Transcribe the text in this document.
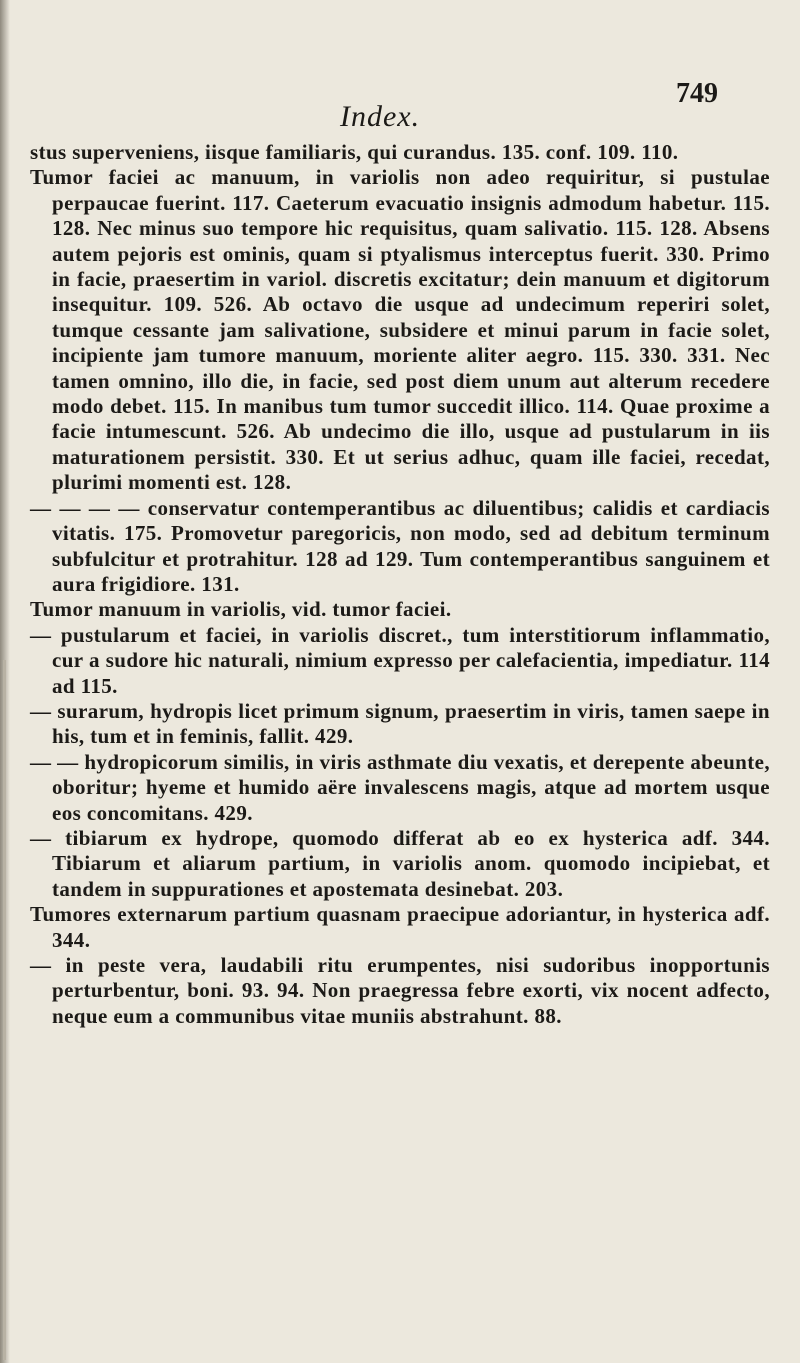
Index.
749

stus superveniens, iisque familiaris, qui curandus. 135. conf. 109. 110.

Tumor faciei ac manuum, in variolis non adeo requiritur, si pustulae perpaucae fuerint. 117. Caeterum evacuatio insignis admodum habetur. 115. 128. Nec minus suo tempore hic requisitus, quam salivatio. 115. 128. Absens autem pejoris est ominis, quam si ptyalismus interceptus fuerit. 330. Primo in facie, praesertim in variol. discretis excitatur; dein manuum et digitorum insequitur. 109. 526. Ab octavo die usque ad undecimum reperiri solet, tumque cessante jam salivatione, subsidere et minui parum in facie solet, incipiente jam tumore manuum, moriente aliter aegro. 115. 330. 331. Nec tamen omnino, illo die, in facie, sed post diem unum aut alterum recedere modo debet. 115. In manibus tum tumor succedit illico. 114. Quae proxime a facie intumescunt. 526. Ab undecimo die illo, usque ad pustularum in iis maturationem persistit. 330. Et ut serius adhuc, quam ille faciei, recedat, plurimi momenti est. 128.

— — — — conservatur contemperantibus ac diluentibus; calidis et cardiacis vitatis. 175. Promovetur paregoricis, non modo, sed ad debitum terminum subfulcitur et protrahitur. 128 ad 129. Tum contemperantibus sanguinem et aura frigidiore. 131.

Tumor manuum in variolis, vid. tumor faciei.

— pustularum et faciei, in variolis discret., tum interstitiorum inflammatio, cur a sudore hic naturali, nimium expresso per calefacientia, impediatur. 114 ad 115.

— surarum, hydropis licet primum signum, praesertim in viris, tamen saepe in his, tum et in feminis, fallit. 429.

— — hydropicorum similis, in viris asthmate diu vexatis, et derepente abeunte, oboritur; hyeme et humido aëre invalescens magis, atque ad mortem usque eos concomitans. 429.

— tibiarum ex hydrope, quomodo differat ab eo ex hysterica adf. 344. Tibiarum et aliarum partium, in variolis anom. quomodo incipiebat, et tandem in suppurationes et apostemata desinebat. 203.

Tumores externarum partium quasnam praecipue adoriantur, in hysterica adf. 344.

— in peste vera, laudabili ritu erumpentes, nisi sudoribus inopportunis perturbentur, boni. 93. 94. Non praegressa febre exorti, vix nocent adfecto, neque eum a communibus vitae muniis abstrahunt. 88.
